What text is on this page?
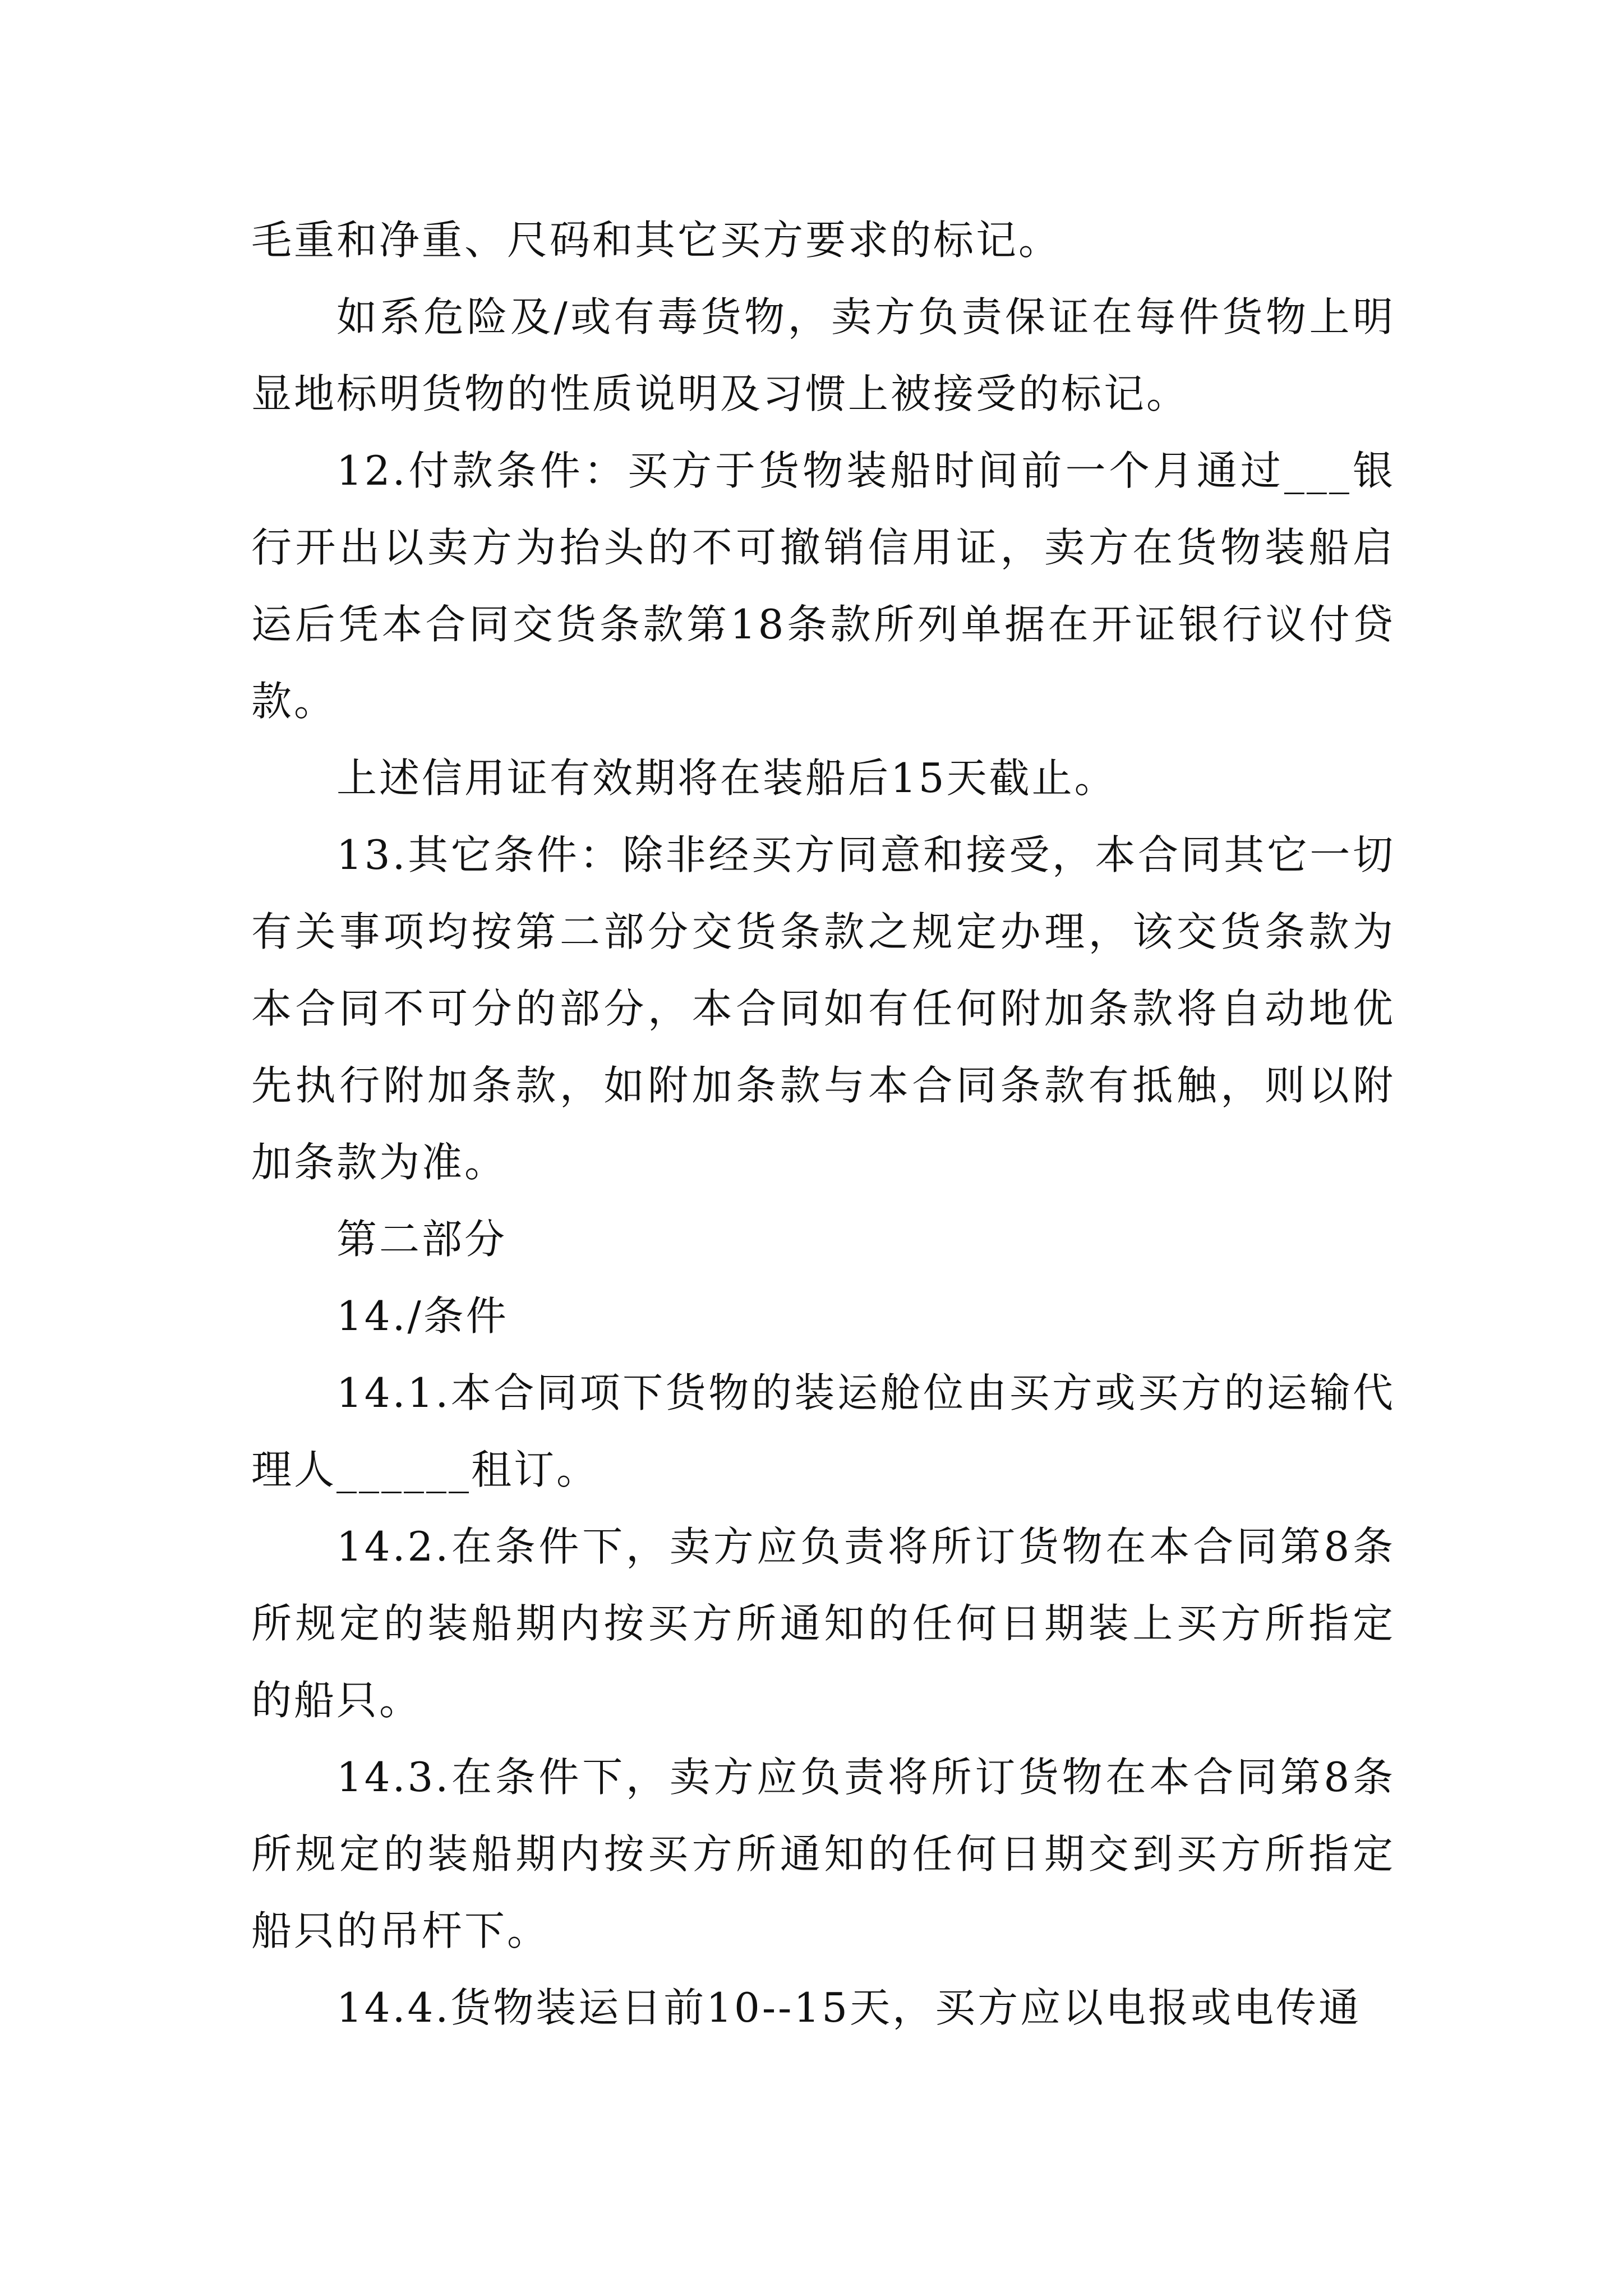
毛重和净重、尺码和其它买方要求的标记。

如系危险及/或有毒货物，卖方负责保证在每件货物上明显地标明货物的性质说明及习惯上被接受的标记。

12.付款条件：买方于货物装船时间前一个月通过___银行开出以卖方为抬头的不可撤销信用证，卖方在货物装船启运后凭本合同交货条款第18条款所列单据在开证银行议付贷款。

上述信用证有效期将在装船后15天截止。

13.其它条件：除非经买方同意和接受，本合同其它一切有关事项均按第二部分交货条款之规定办理，该交货条款为本合同不可分的部分，本合同如有任何附加条款将自动地优先执行附加条款，如附加条款与本合同条款有抵触，则以附加条款为准。

第二部分

14./条件

14.1.本合同项下货物的装运舱位由买方或买方的运输代理人______租订。

14.2.在条件下，卖方应负责将所订货物在本合同第8条所规定的装船期内按买方所通知的任何日期装上买方所指定的船只。

14.3.在条件下，卖方应负责将所订货物在本合同第8条所规定的装船期内按买方所通知的任何日期交到买方所指定船只的吊杆下。

14.4.货物装运日前10--15天，买方应以电报或电传通
